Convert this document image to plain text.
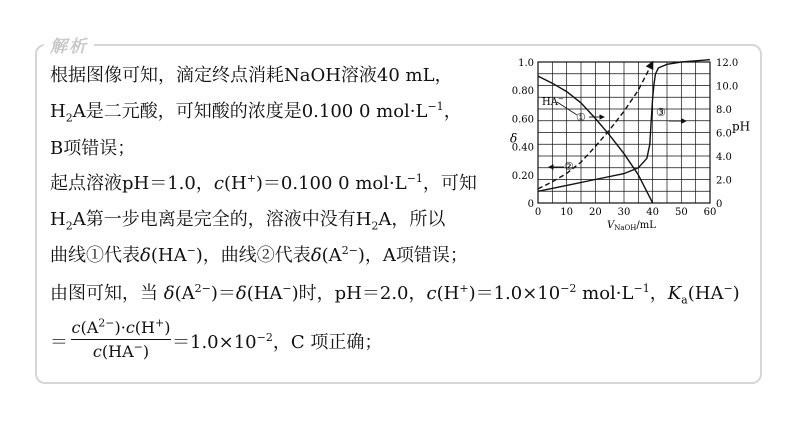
解析
根据图像可知，滴定终点消耗NaOH溶液40 mL，
$H_2A$是二元酸，可知酸的浓度是0.100 0 $mol\cdot L^{-1}$，
B项错误；
起点溶液pH＝1.0，c(H+)＝0.100 0 $mol\cdot L^{-1}$，可知
$H_2A$第一步电离是完全的，溶液中没有$H_2A$，所以
曲线①代表δ(HA−)，曲线②代表$\delta(A^{2-})$，A项错误；
由图可知，当 $\delta(A^{2-})=\delta(HA^-)$时，pH＝2.0，$c(H^+)=1.0\times 10^{-2}$ $mol\cdot L^{-1}$，$K_a(HA^-)$
＝ $\frac{c(A^{2-})\cdot c(H^+)}{c(HA^-)} =1.0\times 10^{-2}$，C 项正确；
0 10 20 30 40 50 60
0
0.20
0.40
0.60
0.80
1.0
0
2.0
4.0
6.0
8.0
10.0
12.0
δ
pH
$V_{NaOH}/mL$
HA−
①
②
③
